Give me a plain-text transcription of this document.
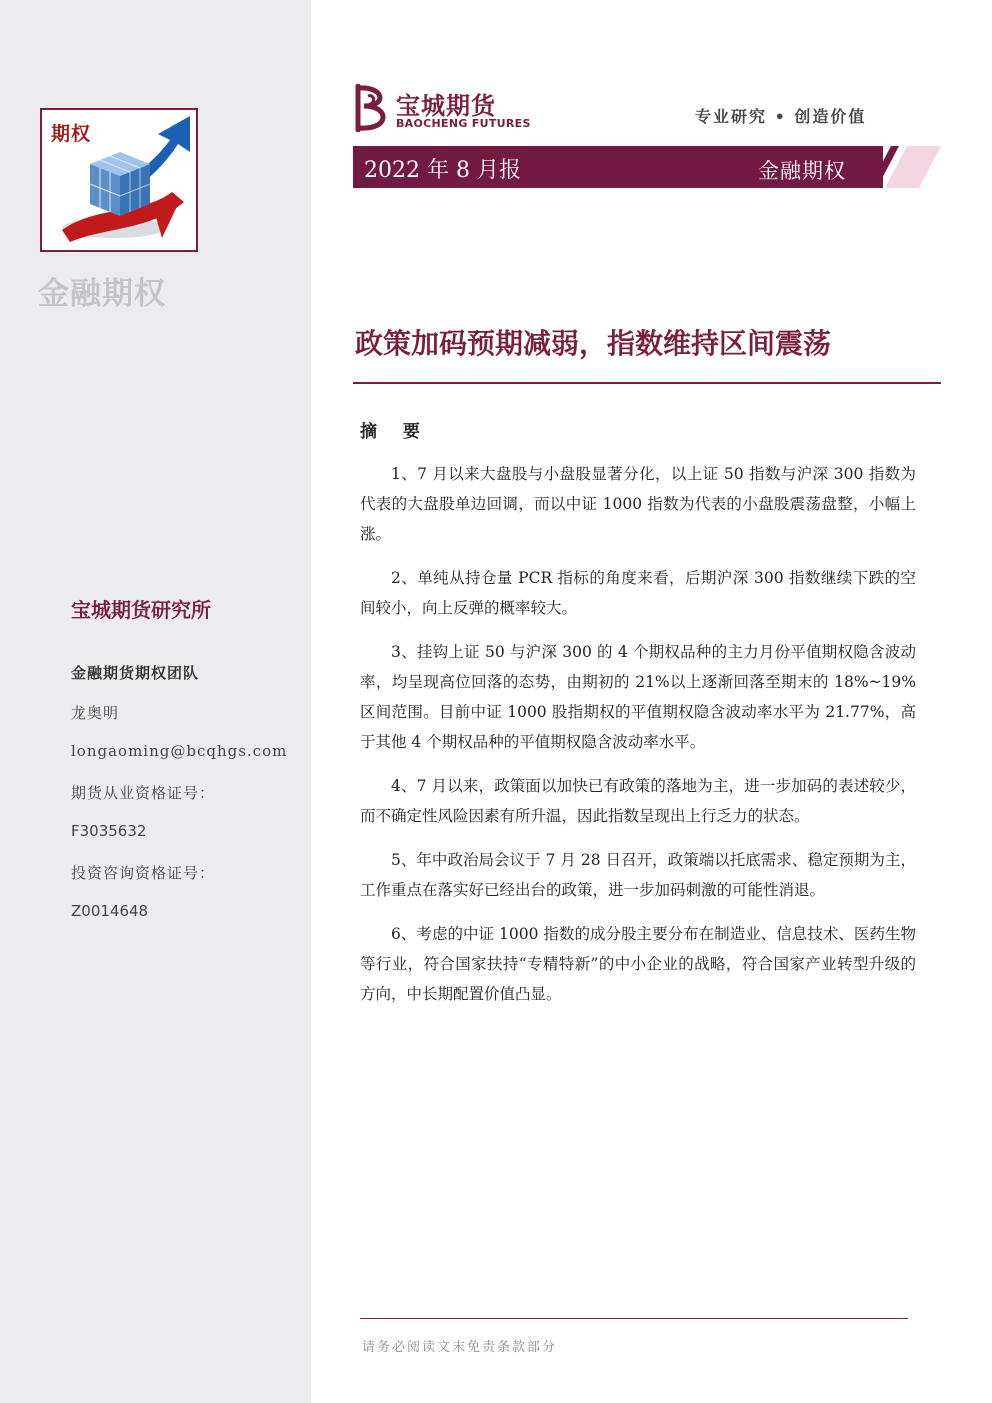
期权
金融期权
宝城期货研究所
金融期货期权团队
龙奥明
longaoming@bcqhgs.com
期货从业资格证号：
F3035632
投资咨询资格证号：
Z0014648
宝城期货
BAOCHENG FUTURES	专业研究 • 创造价值
2022 年 8 月报	金融期权
政策加码预期减弱，指数维持区间震荡
摘 要

1、7 月以来大盘股与小盘股显著分化，以上证 50 指数与沪深 300 指数为代表的大盘股单边回调，而以中证 1000 指数为代表的小盘股震荡盘整，小幅上涨。

2、单纯从持仓量 PCR 指标的角度来看，后期沪深 300 指数继续下跌的空间较小，向上反弹的概率较大。

3、挂钩上证 50 与沪深 300 的 4 个期权品种的主力月份平值期权隐含波动率，均呈现高位回落的态势，由期初的 21%以上逐渐回落至期末的 18%~19%区间范围。目前中证 1000 股指期权的平值期权隐含波动率水平为 21.77%，高于其他 4 个期权品种的平值期权隐含波动率水平。

4、7 月以来，政策面以加快已有政策的落地为主，进一步加码的表述较少，而不确定性风险因素有所升温，因此指数呈现出上行乏力的状态。

5、年中政治局会议于 7 月 28 日召开，政策端以托底需求、稳定预期为主，工作重点在落实好已经出台的政策，进一步加码刺激的可能性消退。

6、考虑的中证 1000 指数的成分股主要分布在制造业、信息技术、医药生物等行业，符合国家扶持“专精特新”的中小企业的战略，符合国家产业转型升级的方向，中长期配置价值凸显。

请务必阅读文末免责条款部分
